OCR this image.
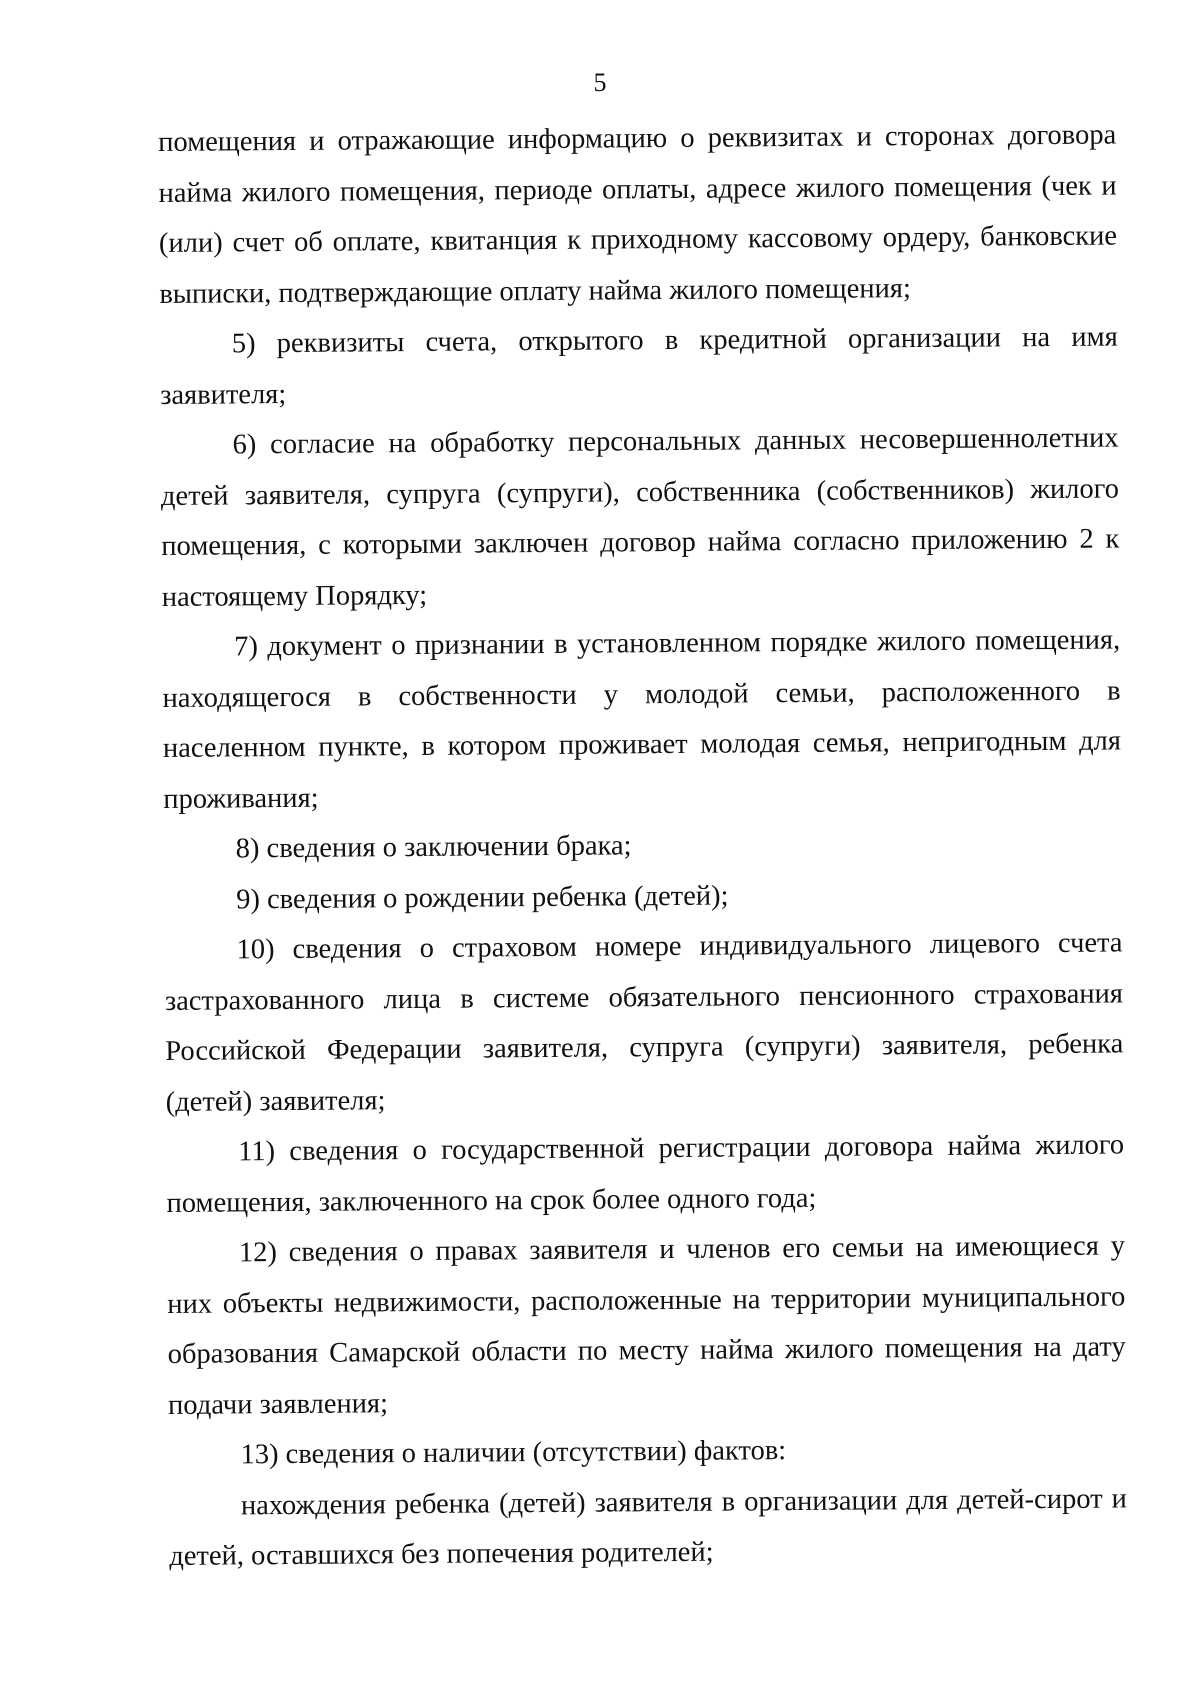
5

помещения и отражающие информацию о реквизитах и сторонах договора найма жилого помещения, периоде оплаты, адресе жилого помещения (чек и (или) счет об оплате, квитанция к приходному кассовому ордеру, банковские выписки, подтверждающие оплату найма жилого помещения;

5) реквизиты счета, открытого в кредитной организации на имя заявителя;

6) согласие на обработку персональных данных несовершеннолетних детей заявителя, супруга (супруги), собственника (собственников) жилого помещения, с которыми заключен договор найма согласно приложению 2 к настоящему Порядку;

7) документ о признании в установленном порядке жилого помещения, находящегося в собственности у молодой семьи, расположенного в населенном пункте, в котором проживает молодая семья, непригодным для проживания;

8) сведения о заключении брака;

9) сведения о рождении ребенка (детей);

10) сведения о страховом номере индивидуального лицевого счета застрахованного лица в системе обязательного пенсионного страхования Российской Федерации заявителя, супруга (супруги) заявителя, ребенка (детей) заявителя;

11) сведения о государственной регистрации договора найма жилого помещения, заключенного на срок более одного года;

12) сведения о правах заявителя и членов его семьи на имеющиеся у них объекты недвижимости, расположенные на территории муниципального образования Самарской области по месту найма жилого помещения на дату подачи заявления;

13) сведения о наличии (отсутствии) фактов:

нахождения ребенка (детей) заявителя в организации для детей-сирот и детей, оставшихся без попечения родителей;
